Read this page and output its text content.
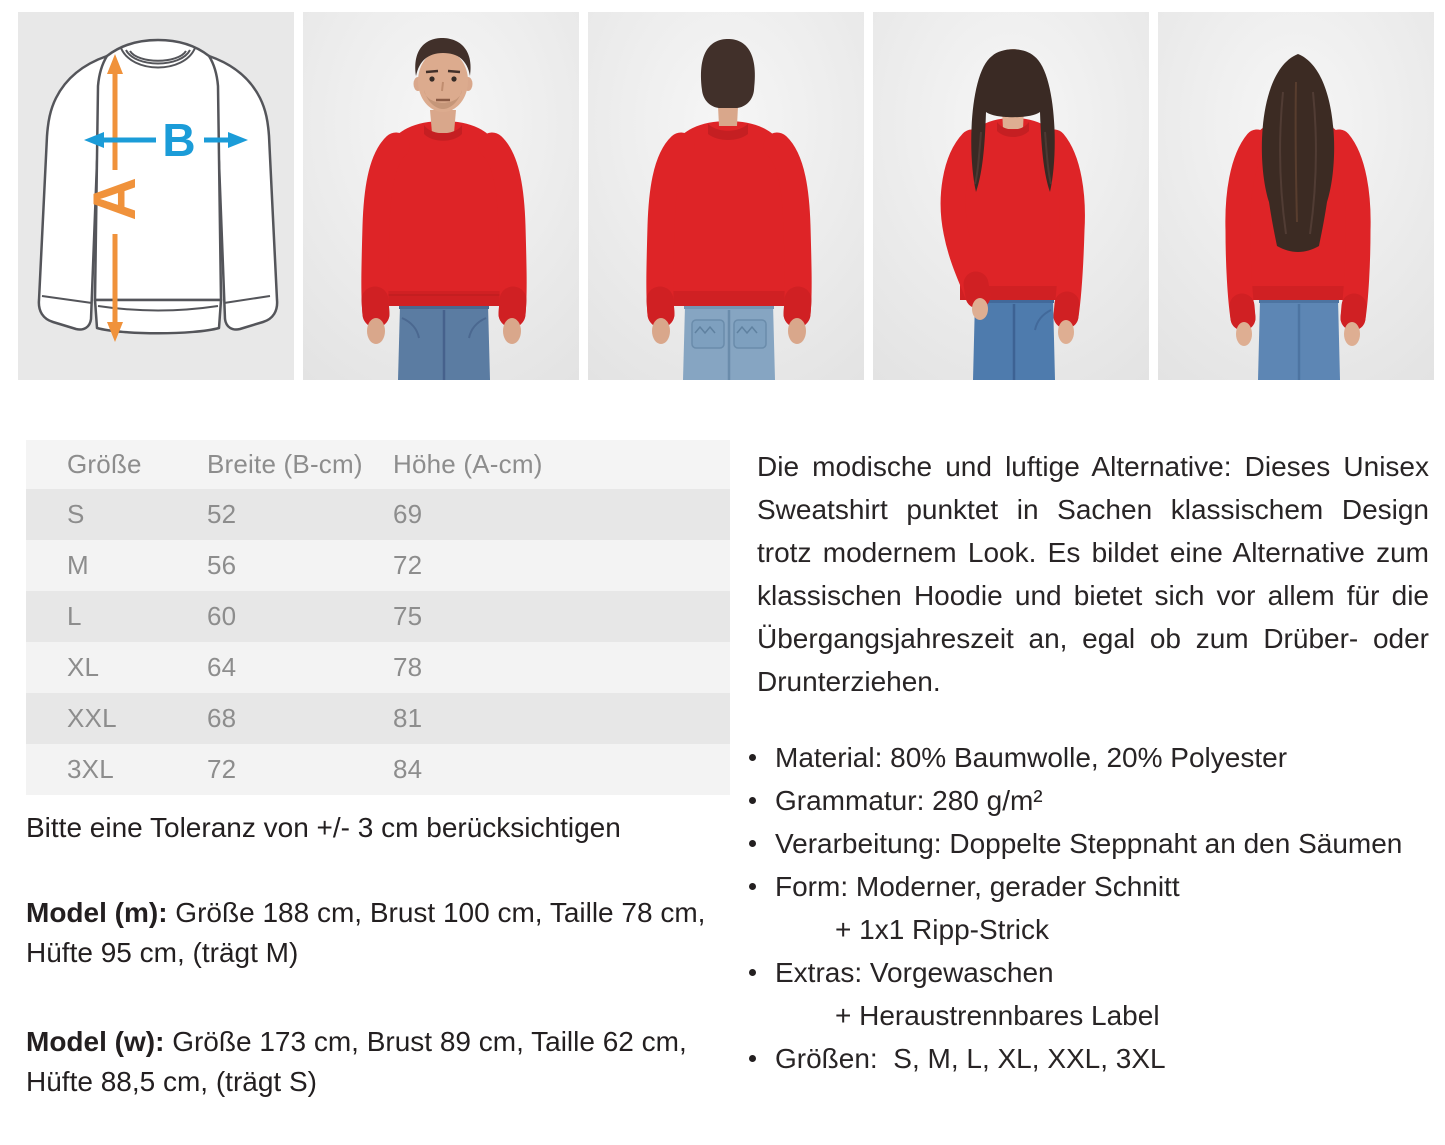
A
B
Größe	Breite (B-cm)	Höhe (A-cm)
S	52	69
M	56	72
L	60	75
XL	64	78
XXL	68	81
3XL	72	84

Bitte eine Toleranz von +/- 3 cm berücksichtigen

Model (m): Größe 188 cm, Brust 100 cm, Taille 78 cm, Hüfte 95 cm, (trägt M)

Model (w): Größe 173 cm, Brust 89 cm, Taille 62 cm, Hüfte 88,5 cm, (trägt S)

Die modische und luftige Alternative: Dieses Unisex Sweatshirt punktet in Sachen klassischem Design trotz modernem Look. Es bildet eine Alternative zum klassischen Hoodie und bietet sich vor allem für die Übergangsjahreszeit an, egal ob zum Drüber- oder Drunterziehen.

Material: 80% Baumwolle, 20% Polyester
Grammatur: 280 g/m²
Verarbeitung: Doppelte Steppnaht an den Säumen
Form: Moderner, gerader Schnitt
+ 1x1 Ripp-Strick
Extras: Vorgewaschen
+ Heraustrennbares Label
Größen:  S, M, L, XL, XXL, 3XL
